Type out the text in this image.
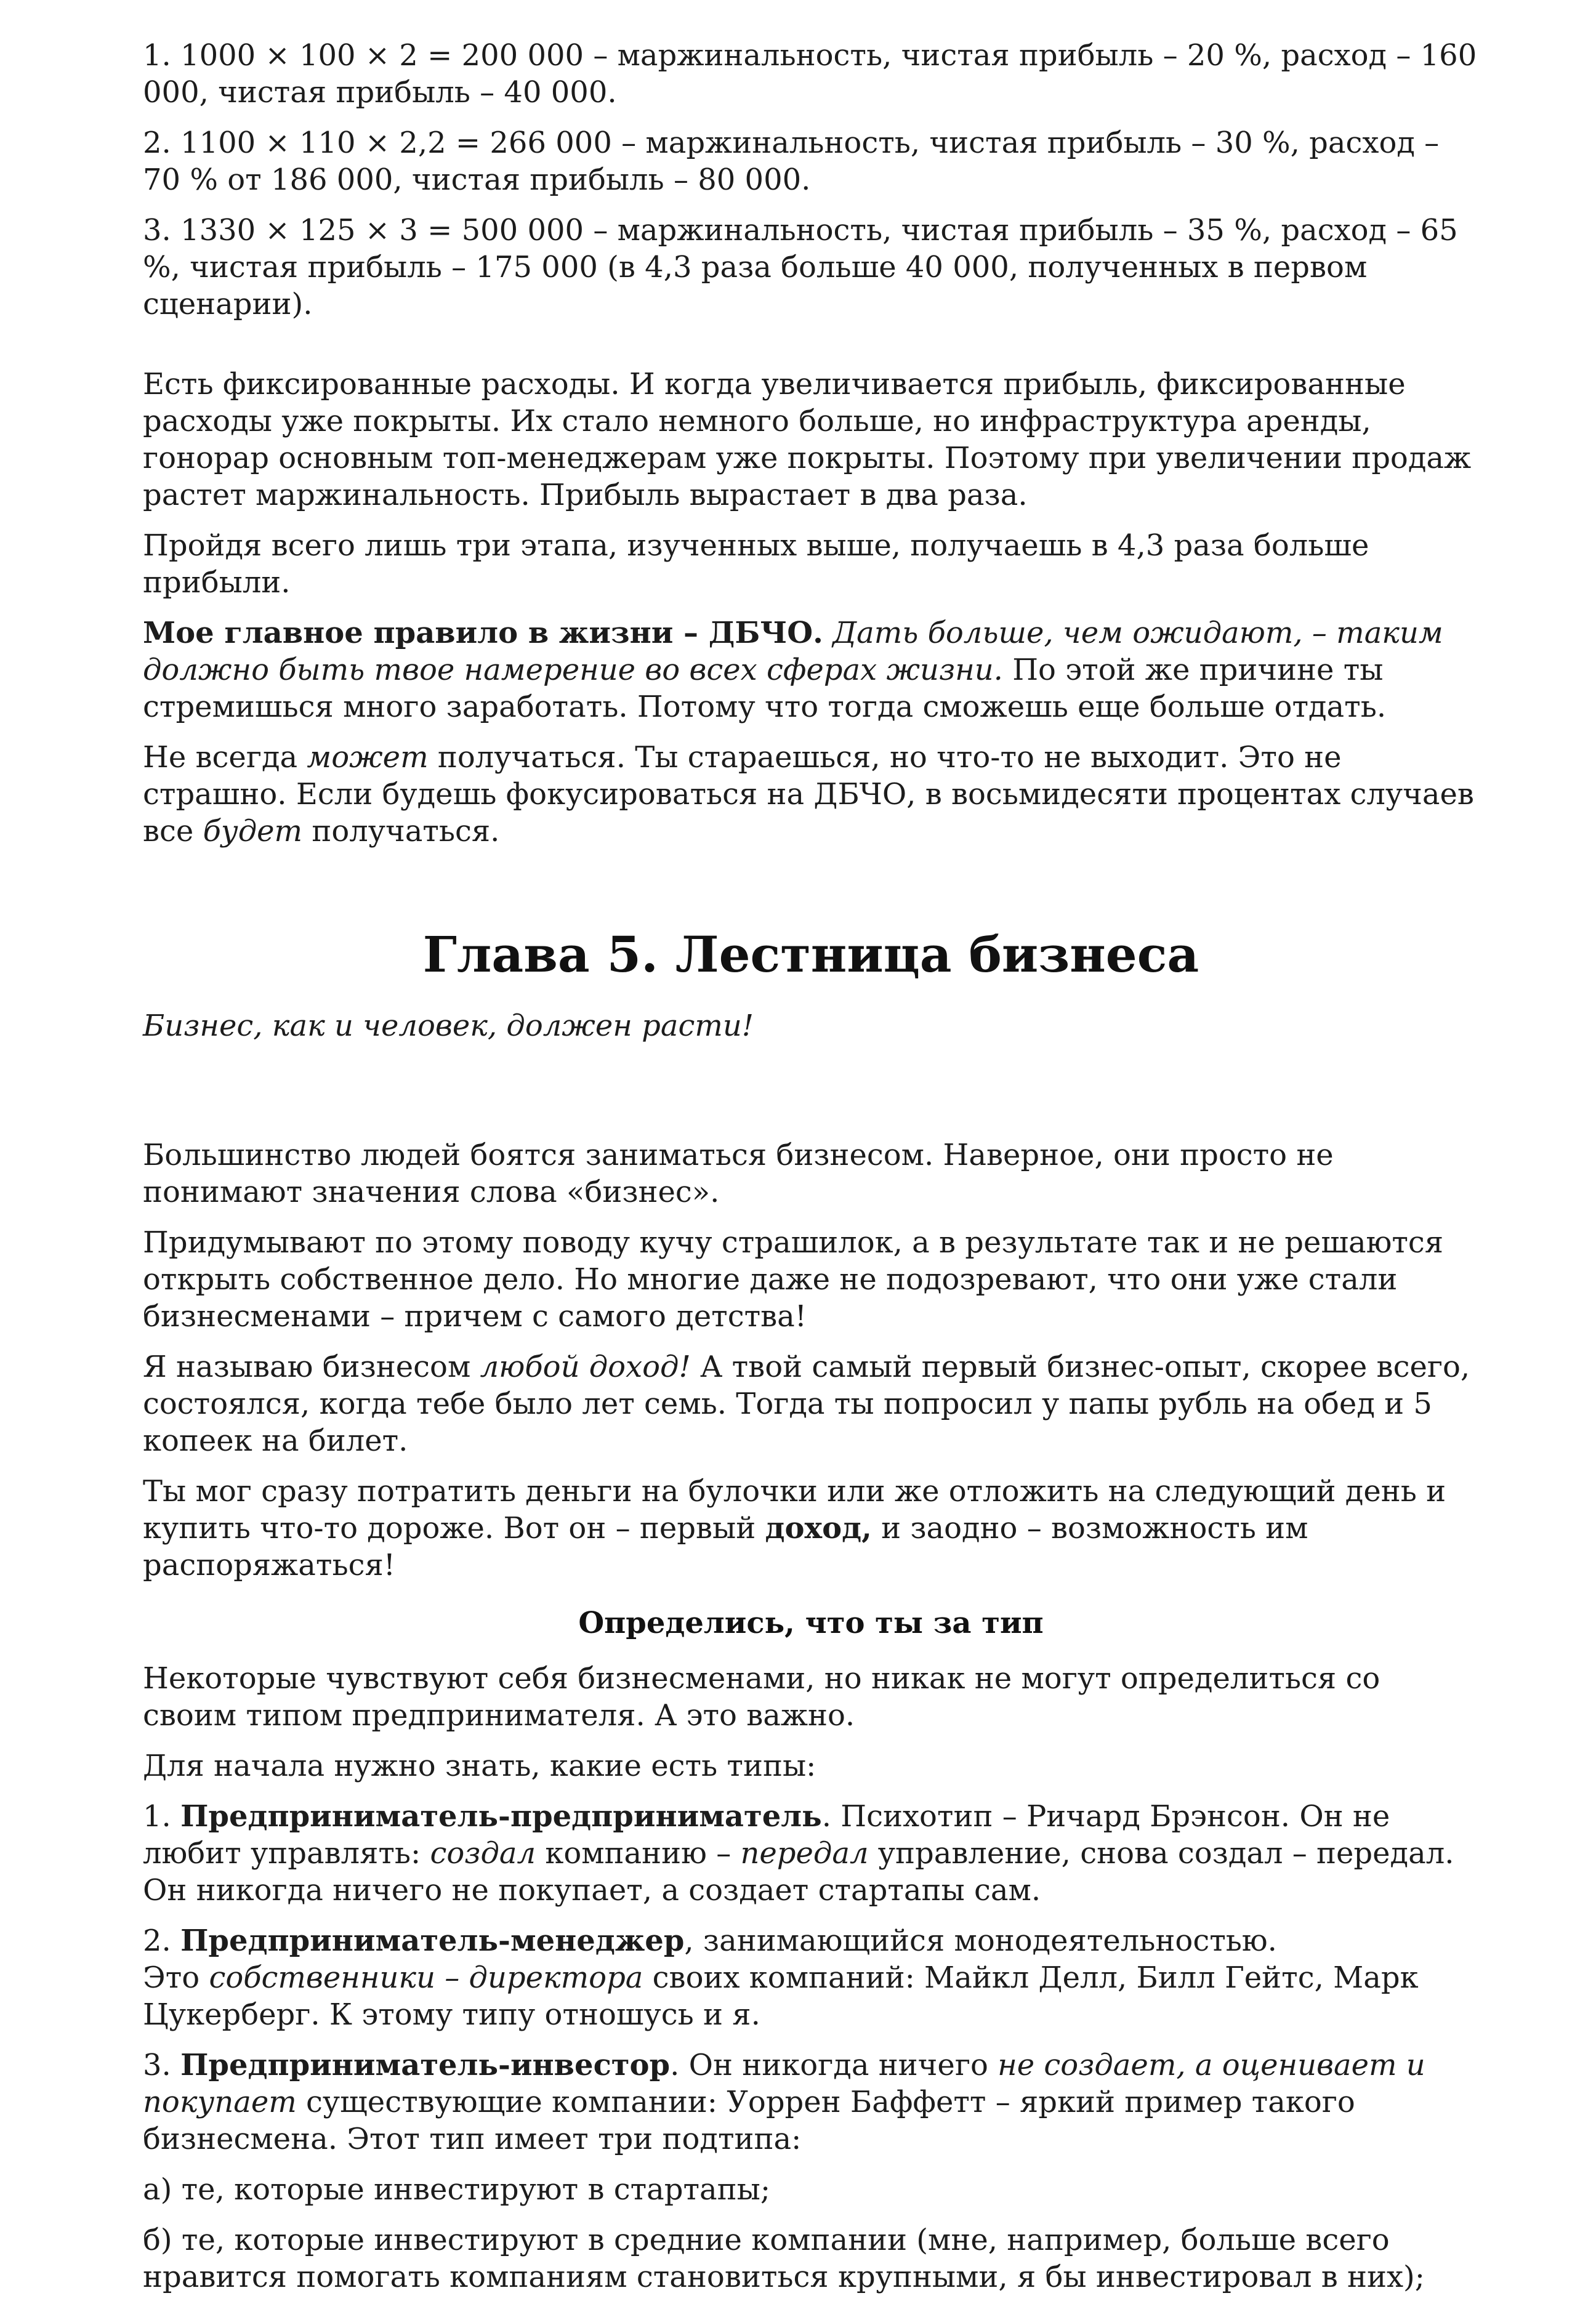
1. 1000 × 100 × 2 = 200 000 – маржинальность, чистая прибыль – 20 %, расход – 160 000, чистая прибыль – 40 000.

2. 1100 × 110 × 2,2 = 266 000 – маржинальность, чистая прибыль – 30 %, расход – 70 % от 186 000, чистая прибыль – 80 000.

3. 1330 × 125 × 3 = 500 000 – маржинальность, чистая прибыль – 35 %, расход – 65 %, чистая прибыль – 175 000 (в 4,3 раза больше 40 000, полученных в первом сценарии).

Есть фиксированные расходы. И когда увеличивается прибыль, фиксированные расходы уже покрыты. Их стало немного больше, но инфраструктура аренды, гонорар основным топ-менеджерам уже покрыты. Поэтому при увеличении продаж растет маржинальность. Прибыль вырастает в два раза.

Пройдя всего лишь три этапа, изученных выше, получаешь в 4,3 раза больше прибыли.

Мое главное правило в жизни – ДБЧО. Дать больше, чем ожидают, – таким должно быть твое намерение во всех сферах жизни. По этой же причине ты стремишься много заработать. Потому что тогда сможешь еще больше отдать.

Не всегда может получаться. Ты стараешься, но что-то не выходит. Это не страшно. Если будешь фокусироваться на ДБЧО, в восьмидесяти процентах случаев все будет получаться.

Глава 5. Лестница бизнеса

Бизнес, как и человек, должен расти!

Большинство людей боятся заниматься бизнесом. Наверное, они просто не понимают значения слова «бизнес».

Придумывают по этому поводу кучу страшилок, а в результате так и не решаются открыть собственное дело. Но многие даже не подозревают, что они уже стали бизнесменами – причем с самого детства!

Я называю бизнесом любой доход! А твой самый первый бизнес-опыт, скорее всего, состоялся, когда тебе было лет семь. Тогда ты попросил у папы рубль на обед и 5 копеек на билет.

Ты мог сразу потратить деньги на булочки или же отложить на следующий день и купить что-то дороже. Вот он – первый доход, и заодно – возможность им распоряжаться!

Определись, что ты за тип

Некоторые чувствуют себя бизнесменами, но никак не могут определиться со своим типом предпринимателя. А это важно.

Для начала нужно знать, какие есть типы:

1. Предприниматель-предприниматель. Психотип – Ричард Брэнсон. Он не любит управлять: создал компанию – передал управление, снова создал – передал. Он никогда ничего не покупает, а создает стартапы сам.

2. Предприниматель-менеджер, занимающийся монодеятельностью.
Это собственники – директора своих компаний: Майкл Делл, Билл Гейтс, Марк Цукерберг. К этому типу отношусь и я.

3. Предприниматель-инвестор. Он никогда ничего не создает, а оценивает и покупает существующие компании: Уоррен Баффетт – яркий пример такого бизнесмена. Этот тип имеет три подтипа:

а) те, которые инвестируют в стартапы;

б) те, которые инвестируют в средние компании (мне, например, больше всего нравится помогать компаниям становиться крупными, я бы инвестировал в них);
